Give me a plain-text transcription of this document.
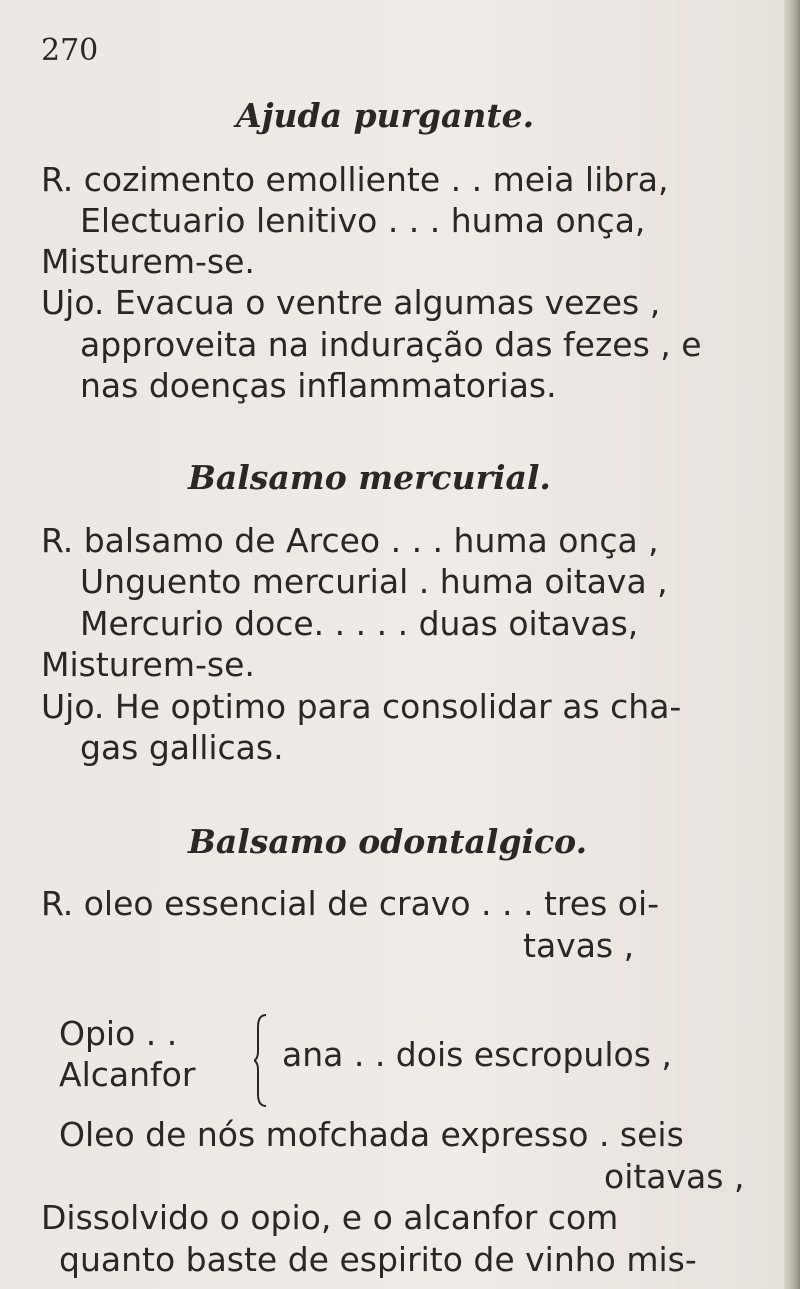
270
Ajuda purgante.
R. cozimento emolliente . . meia libra,
Electuario lenitivo . . . huma onça,
Misturem-se.
Ujo. Evacua o ventre algumas vezes ,
approveita na induração das fezes , e
nas doenças inflammatorias.
Balsamo mercurial.
R. balsamo de Arceo . . . huma onça ,
Unguento mercurial . huma oitava ,
Mercurio doce. . . . . duas oitavas,
Misturem-se.
Ujo. He optimo para consolidar as cha-
gas gallicas.
Balsamo odontalgico.
R. oleo essencial de cravo . . . tres oi-
tavas ,
Opio . .
Alcanfor
ana . . dois escropulos ,
Oleo de nós mofchada expresso . seis
oitavas ,
Dissolvido o opio, e o alcanfor com
quanto baste de espirito de vinho mis-
